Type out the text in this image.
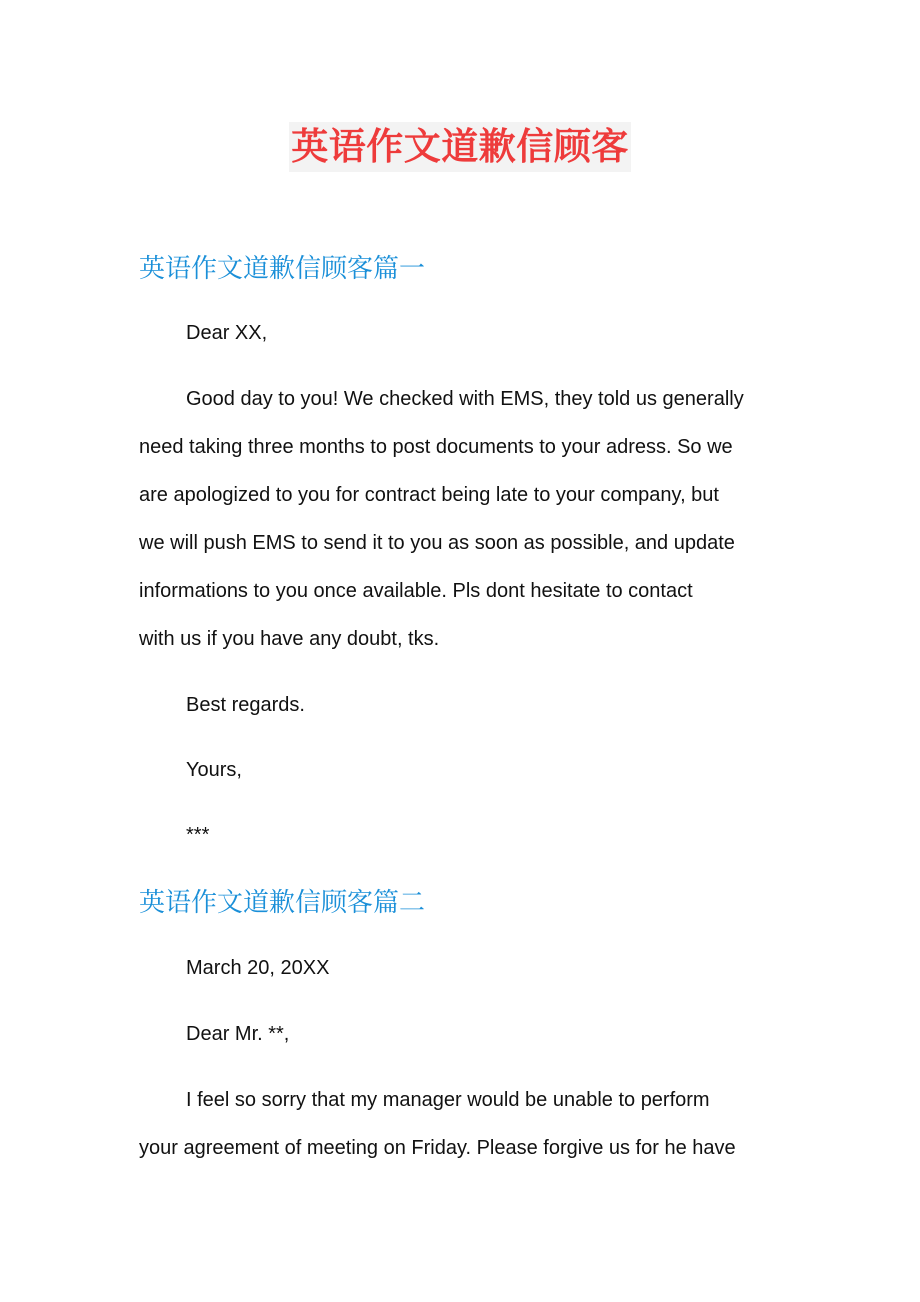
英语作文道歉信顾客
英语作文道歉信顾客篇一

Dear XX,

Good day to you! We checked with EMS, they told us generally

need taking three months to post documents to your adress. So we

are apologized to you for contract being late to your company, but

we will push EMS to send it to you as soon as possible, and update

informations to you once available. Pls dont hesitate to contact

with us if you have any doubt, tks.

Best regards.

Yours,

***

英语作文道歉信顾客篇二

March 20, 20XX

Dear Mr. **,

I feel so sorry that my manager would be unable to perform

your agreement of meeting on Friday. Please forgive us for he have
